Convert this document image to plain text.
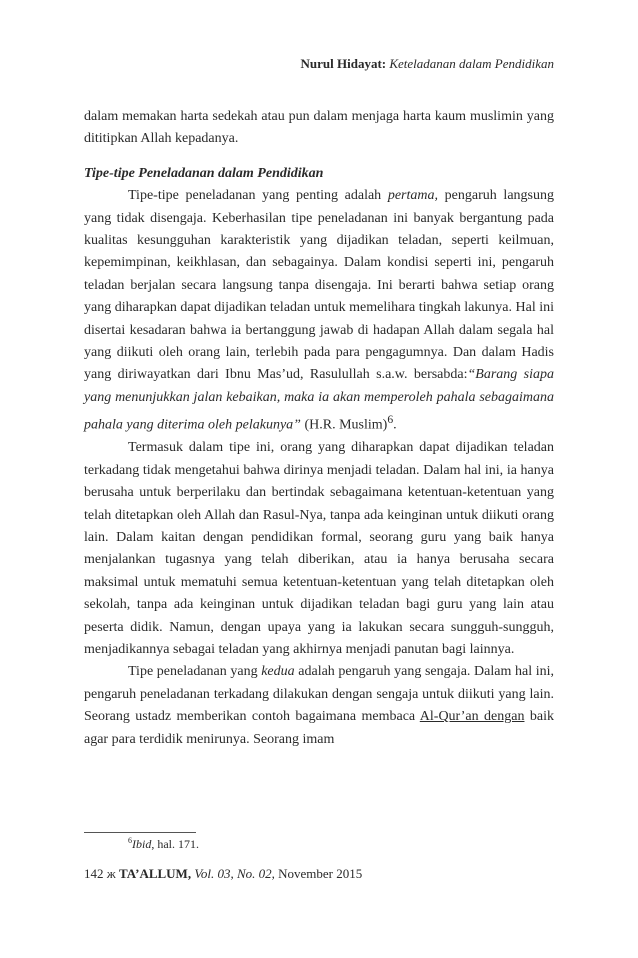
Nurul Hidayat: Keteladanan dalam Pendidikan

dalam memakan harta sedekah atau pun dalam menjaga harta kaum muslimin yang dititipkan Allah kepadanya.

Tipe-tipe Peneladanan dalam Pendidikan

Tipe-tipe peneladanan yang penting adalah pertama, pengaruh langsung yang tidak disengaja. Keberhasilan tipe peneladanan ini banyak bergantung pada kualitas kesungguhan karakteristik yang dijadikan teladan, seperti keilmuan, kepemimpinan, keikhlasan, dan sebagainya. Dalam kondisi seperti ini, pengaruh teladan berjalan secara langsung tanpa disengaja. Ini berarti bahwa setiap orang yang diharapkan dapat dijadikan teladan untuk memelihara tingkah lakunya. Hal ini disertai kesadaran bahwa ia bertanggung jawab di hadapan Allah dalam segala hal yang diikuti oleh orang lain, terlebih pada para pengagumnya. Dan dalam Hadis yang diriwayatkan dari Ibnu Mas’ud, Rasulullah s.a.w. bersabda:“Barang siapa yang menunjukkan jalan kebaikan, maka ia akan memperoleh pahala sebagaimana pahala yang diterima oleh pelakunya” (H.R. Muslim)$^6$.

Termasuk dalam tipe ini, orang yang diharapkan dapat dijadikan teladan terkadang tidak mengetahui bahwa dirinya menjadi teladan. Dalam hal ini, ia hanya berusaha untuk berperilaku dan bertindak sebagaimana ketentuan-ketentuan yang telah ditetapkan oleh Allah dan Rasul-Nya, tanpa ada keinginan untuk diikuti orang lain. Dalam kaitan dengan pendidikan formal, seorang guru yang baik hanya menjalankan tugasnya yang telah diberikan, atau ia hanya berusaha secara maksimal untuk mematuhi semua ketentuan-ketentuan yang telah ditetapkan oleh sekolah, tanpa ada keinginan untuk dijadikan teladan bagi guru yang lain atau peserta didik. Namun, dengan upaya yang ia lakukan secara sungguh-sungguh, menjadikannya sebagai teladan yang akhirnya menjadi panutan bagi lainnya.

Tipe peneladanan yang kedua adalah pengaruh yang sengaja. Dalam hal ini, pengaruh peneladanan terkadang dilakukan dengan sengaja untuk diikuti yang lain. Seorang ustadz memberikan contoh bagaimana membaca Al-Qur’an dengan baik agar para terdidik menirunya. Seorang imam

$^6$Ibid, hal. 171.
142 ж TA’ALLUM, Vol. 03, No. 02, November 2015
